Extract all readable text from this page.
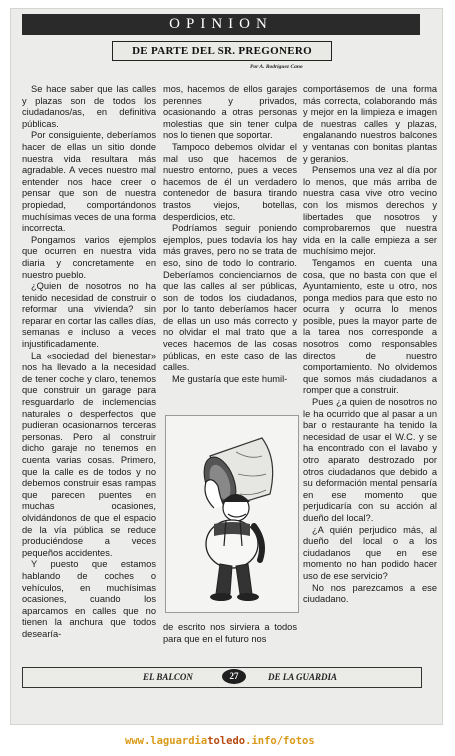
OPINION
DE PARTE DEL SR. PREGONERO
Por A. Rodríguez Cano

Se hace saber que las calles y plazas son de todos los ciudadanos/as, en definitiva públicas.

Por consiguiente, deberíamos hacer de ellas un sitio donde nuestra vida resultara más agradable. A veces nuestro mal entender nos hace creer o pensar que son de nuestra propiedad, comportándonos muchísimas veces de una forma incorrecta.

Pongamos varios ejemplos que ocurren en nuestra vida diaria y concretamente en nuestro pueblo.

¿Quien de nosotros no ha tenido necesidad de construir o reformar una vivienda? sin reparar en cortar las calles días, semanas e incluso a veces injustificadamente.

La «sociedad del bienestar» nos ha llevado a la necesidad de tener coche y claro, tenemos que construir un garage para resguardarlo de inclemencias naturales o desperfectos que pudieran ocasionarnos terceras personas. Pero al construir dicho garaje no tenemos en cuenta varias cosas. Primero, que la calle es de todos y no debemos construir esas rampas que parecen puentes en muchas ocasiones, olvidándonos de que el espacio de la vía pública se reduce produciéndose a veces pequeños accidentes.

Y puesto que estamos hablando de coches o vehículos, en muchísimas ocasiones, cuando los aparcamos en calles que no tienen la anchura que todos desearía-

mos, hacemos de ellos garajes perennes y privados, ocasionando a otras personas molestias que sin tener culpa nos lo tienen que soportar.

Tampoco debemos olvidar el mal uso que hacemos de nuestro entorno, pues a veces hacemos de él un verdadero contenedor de basura tirando trastos viejos, botellas, desperdicios, etc.

Podríamos seguir poniendo ejemplos, pues todavía los hay más graves, pero no se trata de eso, sino de todo lo contrario. Deberíamos concienciarnos de que las calles al ser públicas, son de todos los ciudadanos, por lo tanto deberíamos hacer de ellas un uso más correcto y no olvidar el mal trato que a veces hacemos de las cosas públicas, en este caso de las calles.

Me gustaría que este humil-

de escrito nos sirviera a todos para que en el futuro nos

comportásemos de una forma más correcta, colaborando más y mejor en la limpieza e imagen de nuestras calles y plazas, engalanando nuestros balcones y ventanas con bonitas plantas y geranios.

Pensemos una vez al día por lo menos, que más arriba de nuestra casa vive otro vecino con los mismos derechos y libertades que nosotros y comprobaremos que nuestra vida en la calle empieza a ser muchísimo mejor.

Tengamos en cuenta una cosa, que no basta con que el Ayuntamiento, este u otro, nos ponga medios para que esto no ocurra y ocurra lo menos posible, pues la mayor parte de la tarea nos corresponde a nosotros como responsables directos de nuestro comportamiento. No olvidemos que somos más ciudadanos a romper que a construir.

Pues ¿a quien de nosotros no le ha ocurrido que al pasar a un bar o restaurante ha tenido la necesidad de usar el W.C. y se ha encontrado con el lavabo y otro aparato destrozado por otros ciudadanos que debido a su deformación mental pensaría en ese momento que perjudicaría con su acción al dueño del local?.

¿A quién perjudico más, al dueño del local o a los ciudadanos que en ese momento no han podido hacer uso de ese servicio?

No nos parezcamos a ese ciudadano.

EL BALCON	27	DE LA GUARDIA
www.laguardiatoledo.info/fotos
